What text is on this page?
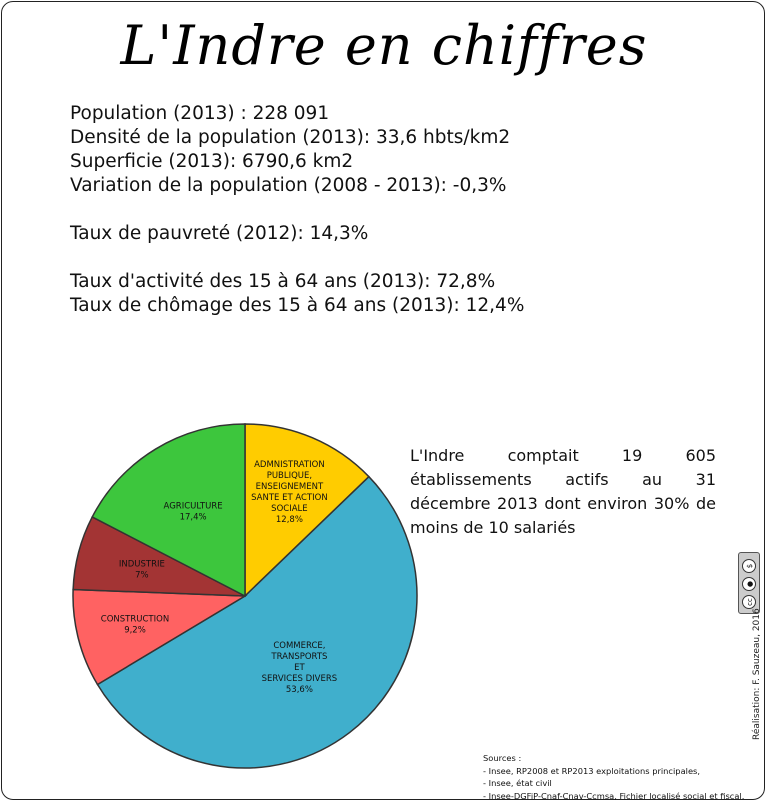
L'Indre en chiffres
Population (2013) : 228 091
Densité de la population (2013): 33,6 hbts/km2
Superficie (2013): 6790,6 km2
Variation de la population (2008 - 2013): -0,3%
Taux de pauvreté (2012): 14,3%
Taux d'activité des 15 à 64 ans (2013): 72,8%
Taux de chômage des 15 à 64 ans (2013): 12,4%
ADMNISTRATION PUBLIQUE, ENSEIGNEMENT SANTE ET ACTION SOCIALE 12,8%
COMMERCE, TRANSPORTS ET SERVICES DIVERS 53,6%
CONSTRUCTION 9,2%
INDUSTRIE 7%
AGRICULTURE 17,4%
L'Indre comptait 19 605 établissements actifs au 31 décembre 2013 dont environ 30% de moins de 10 salariés
cc
●
$
Réalisation: F. Sauzeau, 2016
Sources :
- Insee, RP2008 et RP2013 exploitations principales,
- Insee, état civil
- Insee-DGFiP-Cnaf-Cnav-Ccmsa, Fichier localisé social et fiscal.
